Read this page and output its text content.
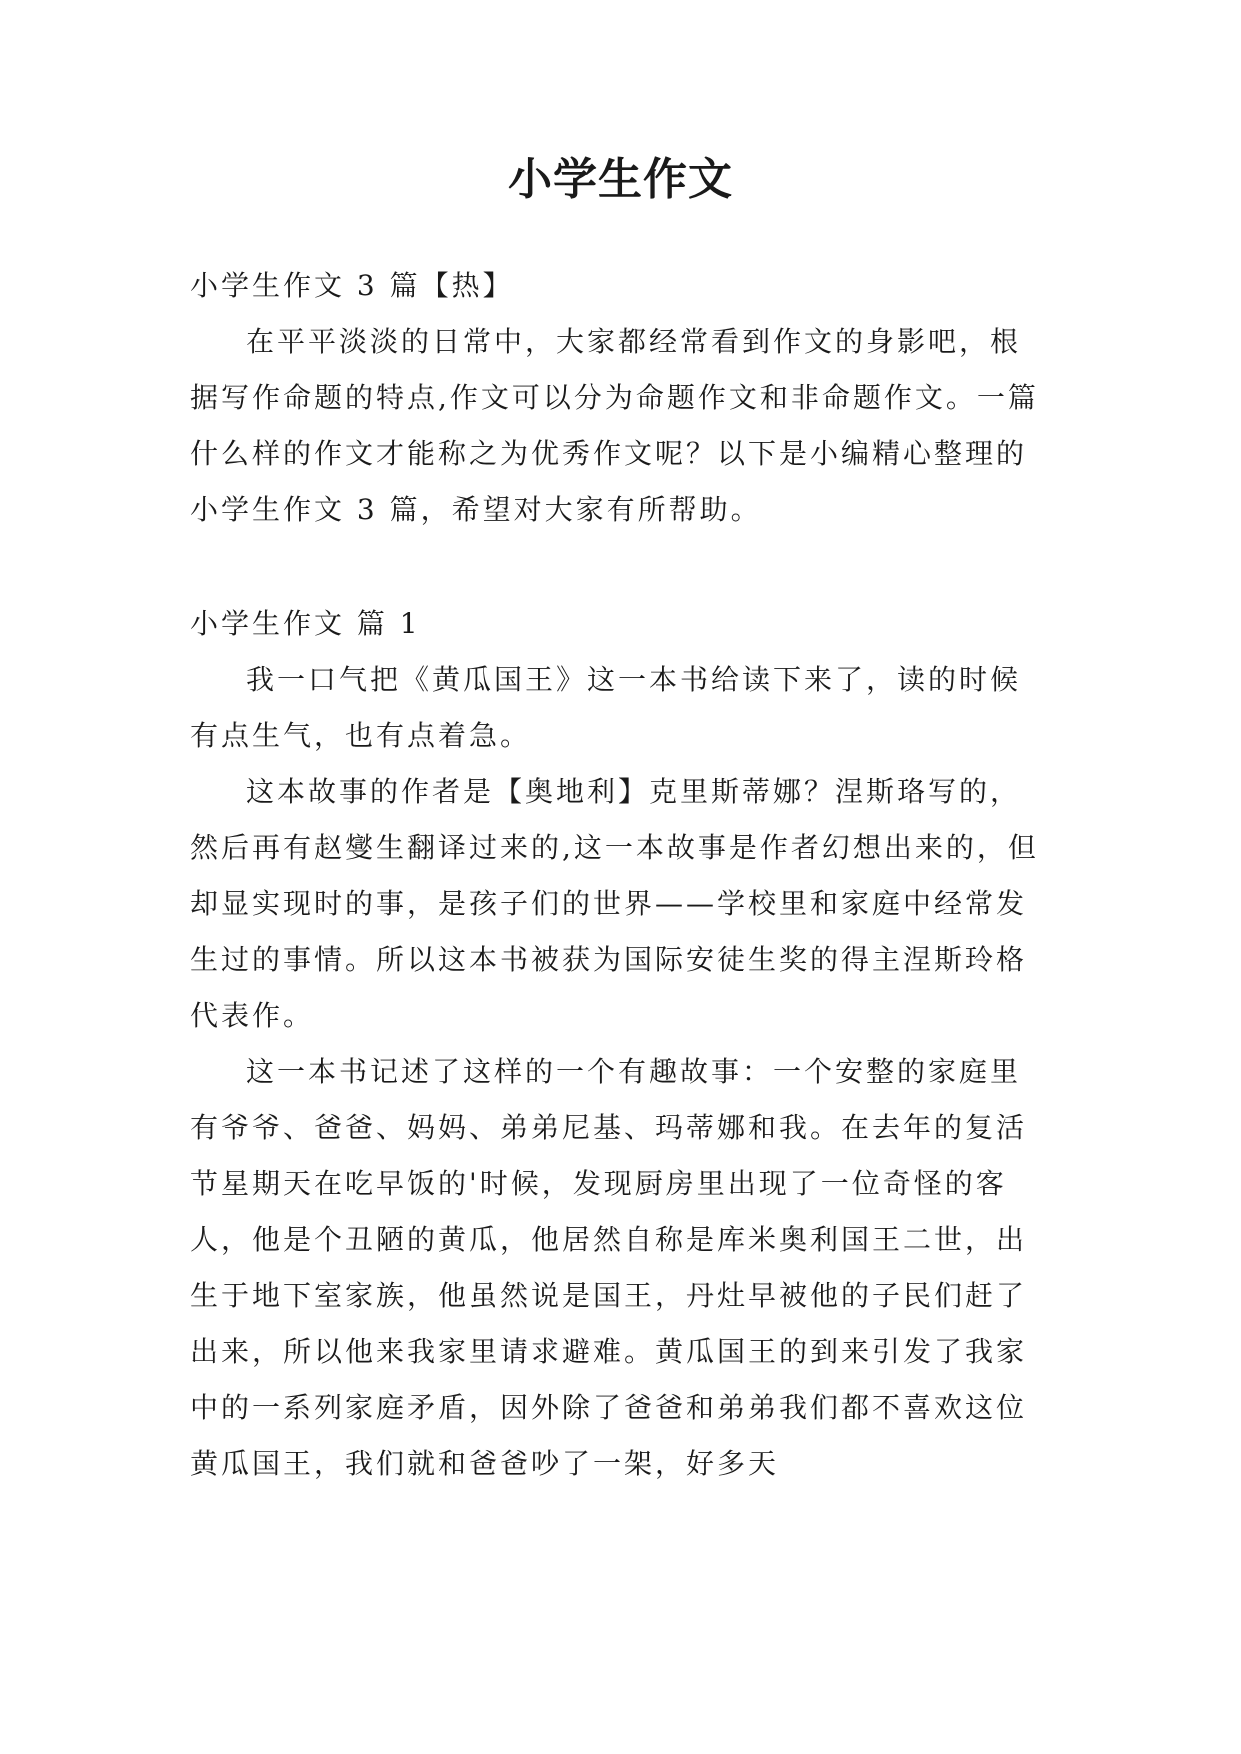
小学生作文

小学生作文 3 篇【热】

在平平淡淡的日常中，大家都经常看到作文的身影吧，根据写作命题的特点,作文可以分为命题作文和非命题作文。一篇什么样的作文才能称之为优秀作文呢？以下是小编精心整理的小学生作文 3 篇，希望对大家有所帮助。

小学生作文 篇 1

我一口气把《黄瓜国王》这一本书给读下来了，读的时候有点生气，也有点着急。

这本故事的作者是【奥地利】克里斯蒂娜？涅斯珞写的，然后再有赵燮生翻译过来的,这一本故事是作者幻想出来的，但却显实现时的事，是孩子们的世界——学校里和家庭中经常发生过的事情。所以这本书被获为国际安徒生奖的得主涅斯玲格代表作。

这一本书记述了这样的一个有趣故事：一个安整的家庭里有爷爷、爸爸、妈妈、弟弟尼基、玛蒂娜和我。在去年的复活节星期天在吃早饭的'时候，发现厨房里出现了一位奇怪的客人，他是个丑陋的黄瓜，他居然自称是库米奥利国王二世，出生于地下室家族，他虽然说是国王，丹灶早被他的子民们赶了出来，所以他来我家里请求避难。黄瓜国王的到来引发了我家中的一系列家庭矛盾，因外除了爸爸和弟弟我们都不喜欢这位黄瓜国王，我们就和爸爸吵了一架，好多天
